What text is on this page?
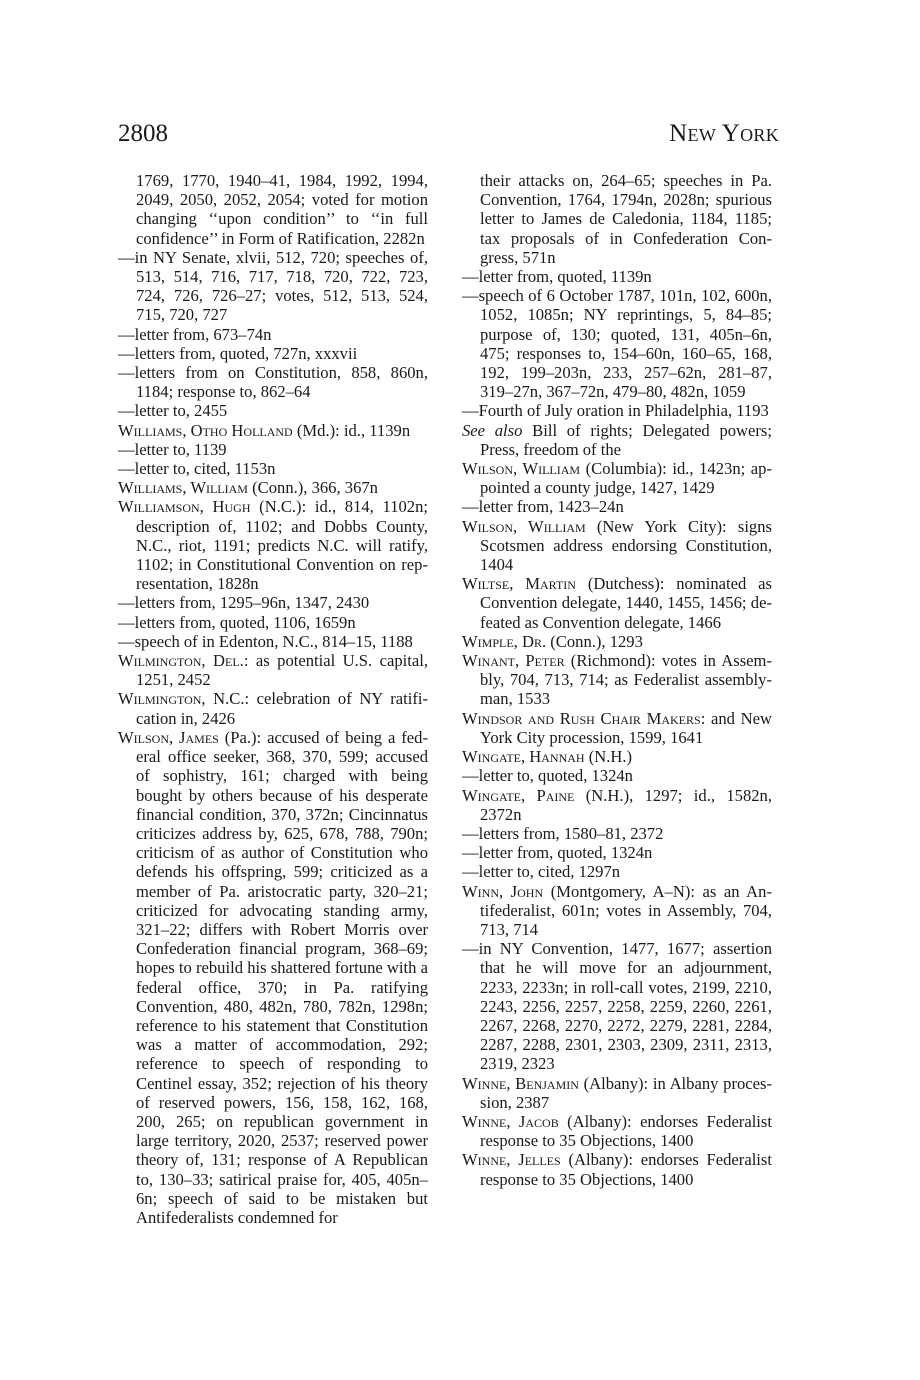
2808	New York

1769, 1770, 1940–41, 1984, 1992, 1994, 2049, 2050, 2052, 2054; voted for motion changing ‘‘upon condition’’ to ‘‘in full confidence’’ in Form of Ratification, 2282n

—in NY Senate, xlvii, 512, 720; speeches of, 513, 514, 716, 717, 718, 720, 722, 723, 724, 726, 726–27; votes, 512, 513, 524, 715, 720, 727

—letter from, 673–74n

—letters from, quoted, 727n, xxxvii

—letters from on Constitution, 858, 860n, 1184; response to, 862–64

—letter to, 2455

Williams, Otho Holland (Md.): id., 1139n

—letter to, 1139

—letter to, cited, 1153n

Williams, William (Conn.), 366, 367n

Williamson, Hugh (N.C.): id., 814, 1102n; description of, 1102; and Dobbs County, N.C., riot, 1191; predicts N.C. will ratify, 1102; in Constitutional Convention on representation, 1828n

—letters from, 1295–96n, 1347, 2430

—letters from, quoted, 1106, 1659n

—speech of in Edenton, N.C., 814–15, 1188

Wilmington, Del.: as potential U.S. capital, 1251, 2452

Wilmington, N.C.: celebration of NY ratification in, 2426

Wilson, James (Pa.): accused of being a federal office seeker, 368, 370, 599; accused of sophistry, 161; charged with being bought by others because of his desperate financial condition, 370, 372n; Cincinnatus criticizes address by, 625, 678, 788, 790n; criticism of as author of Constitution who defends his offspring, 599; criticized as a member of Pa. aristocratic party, 320–21; criticized for advocating standing army, 321–22; differs with Robert Morris over Confederation financial program, 368–69; hopes to rebuild his shattered fortune with a federal office, 370; in Pa. ratifying Convention, 480, 482n, 780, 782n, 1298n; reference to his statement that Constitution was a matter of accommodation, 292; reference to speech of responding to Centinel essay, 352; rejection of his theory of reserved powers, 156, 158, 162, 168, 200, 265; on republican government in large territory, 2020, 2537; reserved power theory of, 131; response of A Republican to, 130–33; satirical praise for, 405, 405n–6n; speech of said to be mistaken but Antifederalists condemned for

their attacks on, 264–65; speeches in Pa. Convention, 1764, 1794n, 2028n; spurious letter to James de Caledonia, 1184, 1185; tax proposals of in Confederation Congress, 571n

—letter from, quoted, 1139n

—speech of 6 October 1787, 101n, 102, 600n, 1052, 1085n; NY reprintings, 5, 84–85; purpose of, 130; quoted, 131, 405n–6n, 475; responses to, 154–60n, 160–65, 168, 192, 199–203n, 233, 257–62n, 281–87, 319–27n, 367–72n, 479–80, 482n, 1059

—Fourth of July oration in Philadelphia, 1193

See also Bill of rights; Delegated powers; Press, freedom of the

Wilson, William (Columbia): id., 1423n; appointed a county judge, 1427, 1429

—letter from, 1423–24n

Wilson, William (New York City): signs Scotsmen address endorsing Constitution, 1404

Wiltse, Martin (Dutchess): nominated as Convention delegate, 1440, 1455, 1456; defeated as Convention delegate, 1466

Wimple, Dr. (Conn.), 1293

Winant, Peter (Richmond): votes in Assembly, 704, 713, 714; as Federalist assemblyman, 1533

Windsor and Rush Chair Makers: and New York City procession, 1599, 1641

Wingate, Hannah (N.H.)

—letter to, quoted, 1324n

Wingate, Paine (N.H.), 1297; id., 1582n, 2372n

—letters from, 1580–81, 2372

—letter from, quoted, 1324n

—letter to, cited, 1297n

Winn, John (Montgomery, A–N): as an Antifederalist, 601n; votes in Assembly, 704, 713, 714

—in NY Convention, 1477, 1677; assertion that he will move for an adjournment, 2233, 2233n; in roll-call votes, 2199, 2210, 2243, 2256, 2257, 2258, 2259, 2260, 2261, 2267, 2268, 2270, 2272, 2279, 2281, 2284, 2287, 2288, 2301, 2303, 2309, 2311, 2313, 2319, 2323

Winne, Benjamin (Albany): in Albany procession, 2387

Winne, Jacob (Albany): endorses Federalist response to 35 Objections, 1400

Winne, Jelles (Albany): endorses Federalist response to 35 Objections, 1400
